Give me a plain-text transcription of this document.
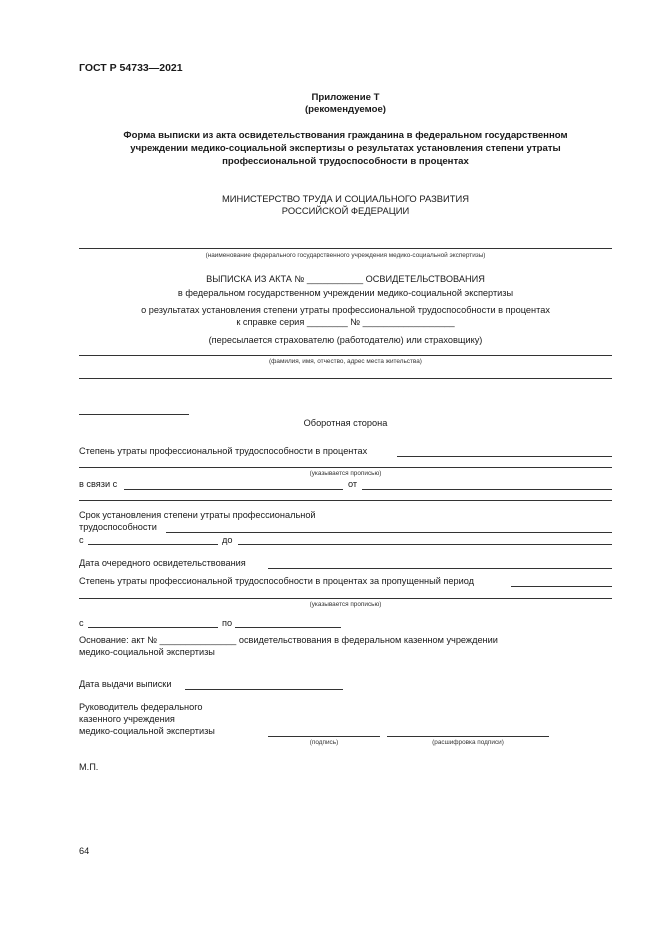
ГОСТ Р 54733—2021
Приложение Т
(рекомендуемое)
Форма выписки из акта освидетельствования гражданина в федеральном государственном
учреждении медико-социальной экспертизы о результатах установления степени утраты
профессиональной трудоспособности в процентах
МИНИСТЕРСТВО ТРУДА И СОЦИАЛЬНОГО РАЗВИТИЯ
РОССИЙСКОЙ ФЕДЕРАЦИИ
(наименование федерального государственного учреждения медико-социальной экспертизы)
ВЫПИСКА ИЗ АКТА № ___________ ОСВИДЕТЕЛЬСТВОВАНИЯ
в федеральном государственном учреждении медико-социальной экспертизы
о результатах установления степени утраты профессиональной трудоспособности в процентах
к справке серия ________ № __________________
(пересылается страхователю (работодателю) или страховщику)
(фамилия, имя, отчество, адрес места жительства)
Оборотная сторона
Степень утраты профессиональной трудоспособности в процентах
(указывается прописью)
в связи с	от
Срок установления степени утраты профессиональной
трудоспособности
с	до
Дата очередного освидетельствования
Степень утраты профессиональной трудоспособности в процентах за пропущенный период
(указывается прописью)
с	по
Основание: акт № _______________ освидетельствования в федеральном казенном учреждении
медико-социальной экспертизы
Дата выдачи выписки
Руководитель федерального
казенного учреждения
медико-социальной экспертизы
(подпись)	(расшифровка подписи)
М.П.
64
